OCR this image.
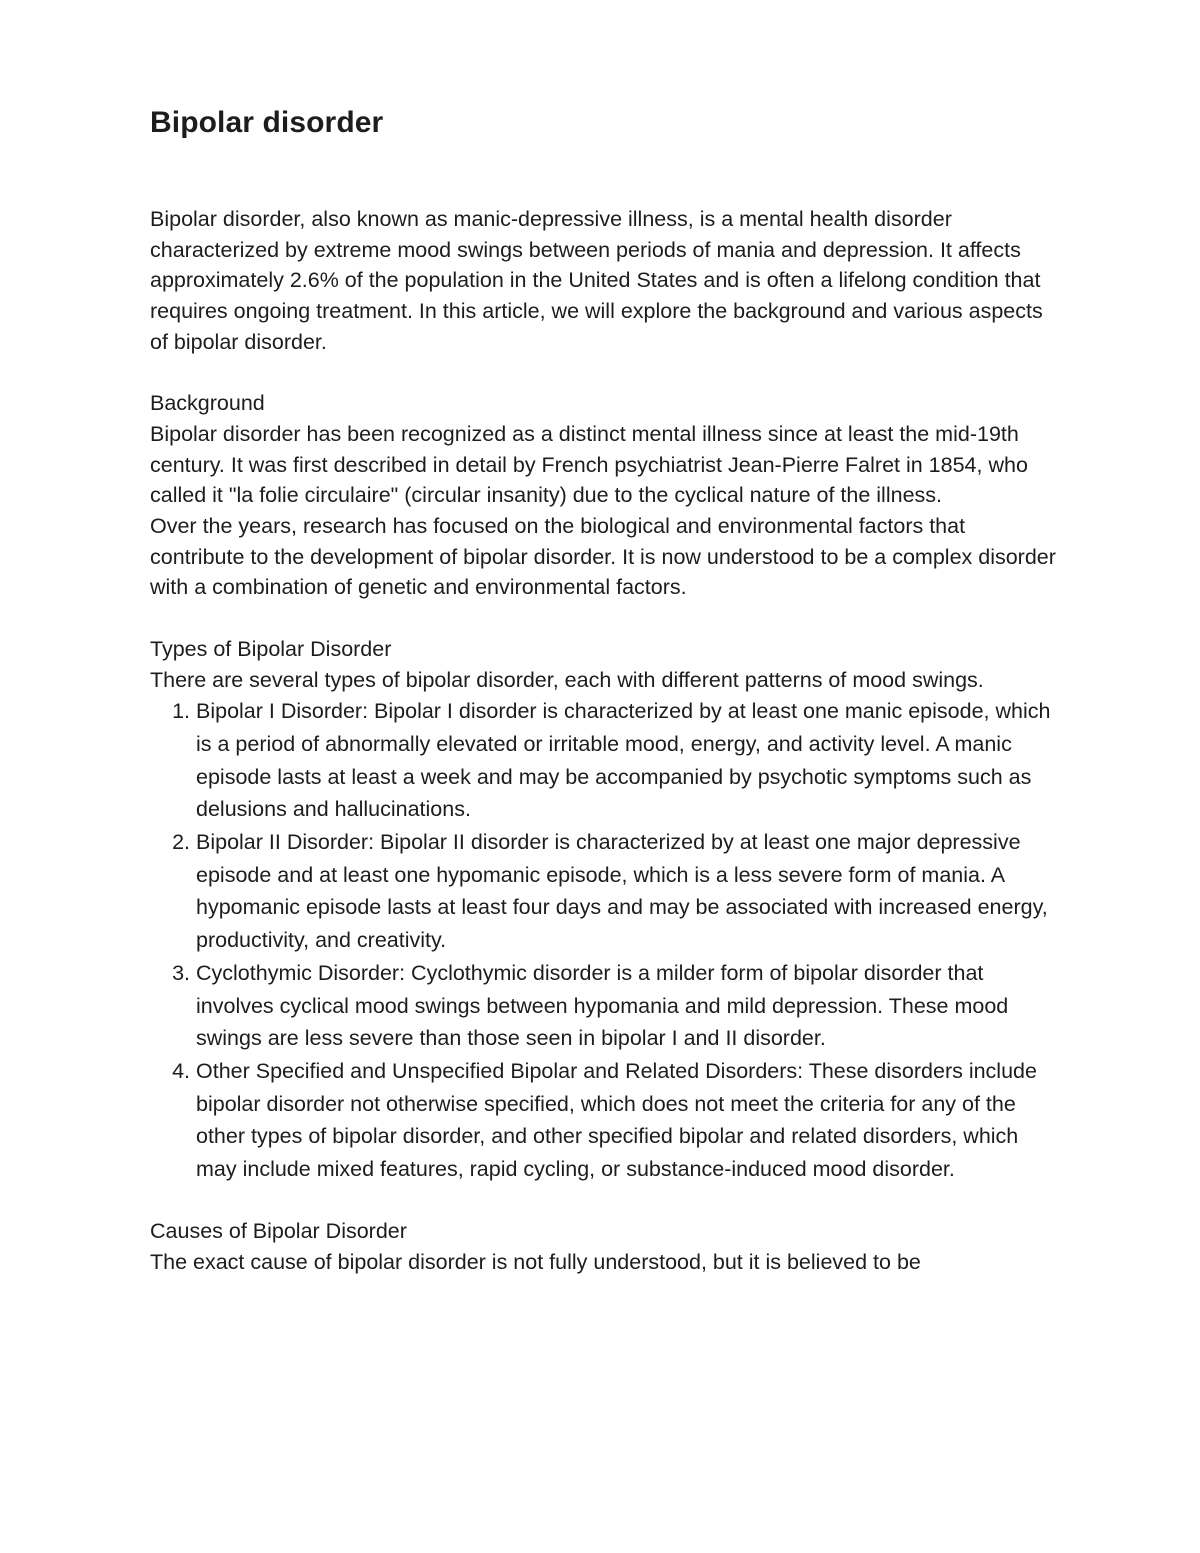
Bipolar disorder

Bipolar disorder, also known as manic-depressive illness, is a mental health disorder characterized by extreme mood swings between periods of mania and depression. It affects approximately 2.6% of the population in the United States and is often a lifelong condition that requires ongoing treatment. In this article, we will explore the background and various aspects of bipolar disorder.

Background

Bipolar disorder has been recognized as a distinct mental illness since at least the mid-19th century. It was first described in detail by French psychiatrist Jean-Pierre Falret in 1854, who called it "la folie circulaire" (circular insanity) due to the cyclical nature of the illness.

Over the years, research has focused on the biological and environmental factors that contribute to the development of bipolar disorder. It is now understood to be a complex disorder with a combination of genetic and environmental factors.

Types of Bipolar Disorder

There are several types of bipolar disorder, each with different patterns of mood swings.

1. Bipolar I Disorder: Bipolar I disorder is characterized by at least one manic episode, which is a period of abnormally elevated or irritable mood, energy, and activity level. A manic episode lasts at least a week and may be accompanied by psychotic symptoms such as delusions and hallucinations.
2. Bipolar II Disorder: Bipolar II disorder is characterized by at least one major depressive episode and at least one hypomanic episode, which is a less severe form of mania. A hypomanic episode lasts at least four days and may be associated with increased energy, productivity, and creativity.
3. Cyclothymic Disorder: Cyclothymic disorder is a milder form of bipolar disorder that involves cyclical mood swings between hypomania and mild depression. These mood swings are less severe than those seen in bipolar I and II disorder.
4. Other Specified and Unspecified Bipolar and Related Disorders: These disorders include bipolar disorder not otherwise specified, which does not meet the criteria for any of the other types of bipolar disorder, and other specified bipolar and related disorders, which may include mixed features, rapid cycling, or substance-induced mood disorder.

Causes of Bipolar Disorder

The exact cause of bipolar disorder is not fully understood, but it is believed to be
